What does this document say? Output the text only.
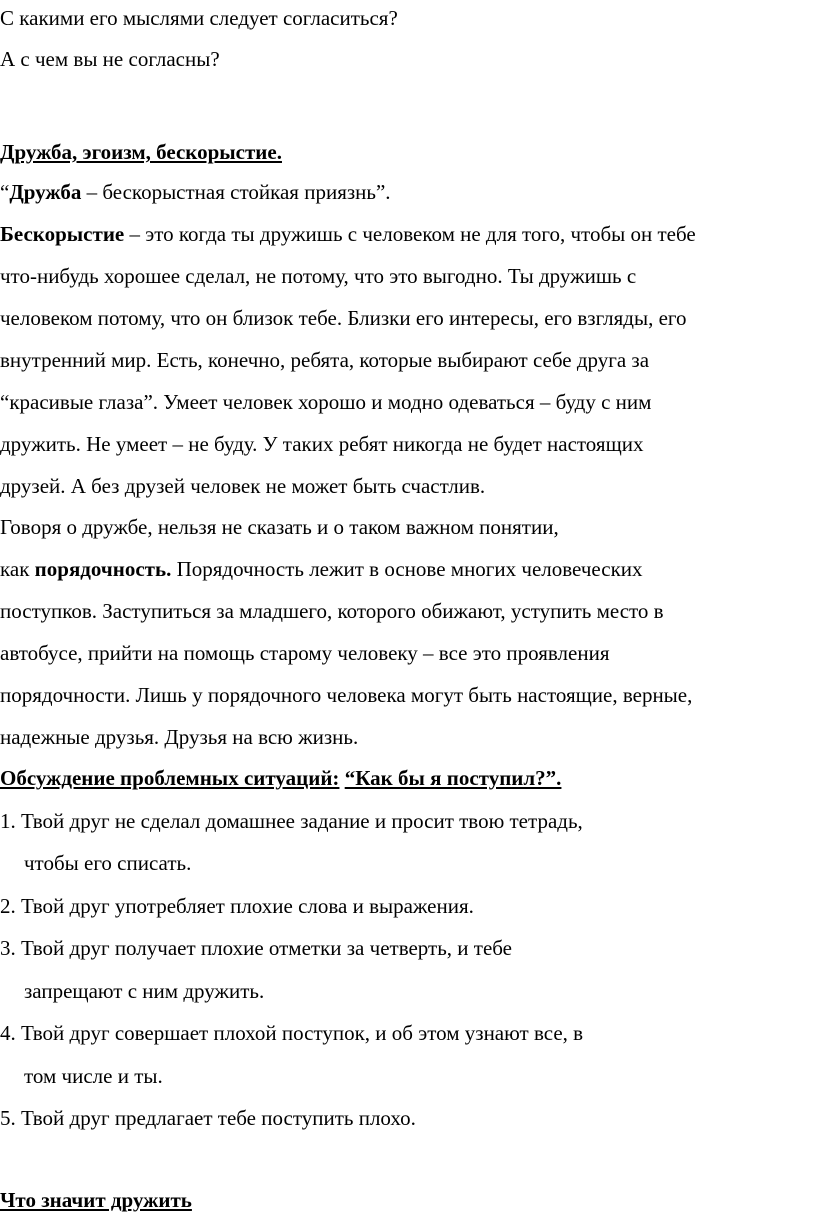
С какими его мыслями следует согласиться?
А с чем вы не согласны?
Дружба, эгоизм, бескорыстие.
“Дружба – бескорыстная стойкая приязнь”.
Бескорыстие – это когда ты дружишь с человеком не для того, чтобы он тебе
что-нибудь хорошее сделал, не потому, что это выгодно. Ты дружишь с
человеком потому, что он близок тебе. Близки его интересы, его взгляды, его
внутренний мир. Есть, конечно, ребята, которые выбирают себе друга за
“красивые глаза”. Умеет человек хорошо и модно одеваться – буду с ним
дружить. Не умеет – не буду. У таких ребят никогда не будет настоящих
друзей. А без друзей человек не может быть счастлив.
Говоря о дружбе, нельзя не сказать и о таком важном понятии,
как порядочность. Порядочность лежит в основе многих человеческих
поступков. Заступиться за младшего, которого обижают, уступить место в
автобусе, прийти на помощь старому человеку – все это проявления
порядочности. Лишь у порядочного человека могут быть настоящие, верные,
надежные друзья. Друзья на всю жизнь.
Обсуждение проблемных ситуаций: “Как бы я поступил?”.
1. Твой друг не сделал домашнее задание и просит твою тетрадь,
чтобы его списать.
2. Твой друг употребляет плохие слова и выражения.
3. Твой друг получает плохие отметки за четверть, и тебе
запрещают с ним дружить.
4. Твой друг совершает плохой поступок, и об этом узнают все, в
том числе и ты.
5. Твой друг предлагает тебе поступить плохо.
Что значит дружить
